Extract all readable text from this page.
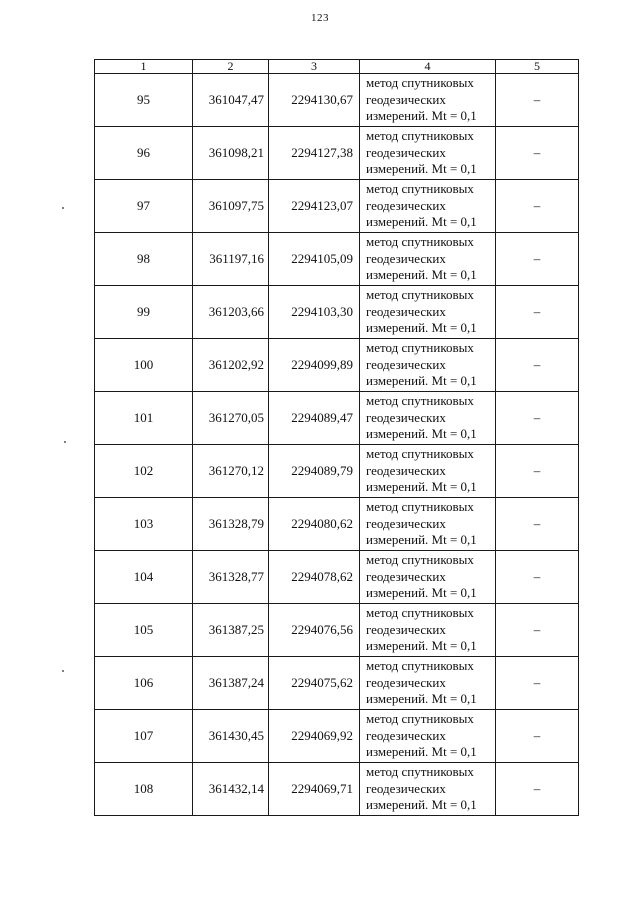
123
1	2	3	4	5
95	361047,47	2294130,67	метод спутниковых
геодезических
измерений. Mt = 0,1	–
96	361098,21	2294127,38	метод спутниковых
геодезических
измерений. Mt = 0,1	–
97	361097,75	2294123,07	метод спутниковых
геодезических
измерений. Mt = 0,1	–
98	361197,16	2294105,09	метод спутниковых
геодезических
измерений. Mt = 0,1	–
99	361203,66	2294103,30	метод спутниковых
геодезических
измерений. Mt = 0,1	–
100	361202,92	2294099,89	метод спутниковых
геодезических
измерений. Mt = 0,1	–
101	361270,05	2294089,47	метод спутниковых
геодезических
измерений. Mt = 0,1	–
102	361270,12	2294089,79	метод спутниковых
геодезических
измерений. Mt = 0,1	–
103	361328,79	2294080,62	метод спутниковых
геодезических
измерений. Mt = 0,1	–
104	361328,77	2294078,62	метод спутниковых
геодезических
измерений. Mt = 0,1	–
105	361387,25	2294076,56	метод спутниковых
геодезических
измерений. Mt = 0,1	–
106	361387,24	2294075,62	метод спутниковых
геодезических
измерений. Mt = 0,1	–
107	361430,45	2294069,92	метод спутниковых
геодезических
измерений. Mt = 0,1	–
108	361432,14	2294069,71	метод спутниковых
геодезических
измерений. Mt = 0,1	–
